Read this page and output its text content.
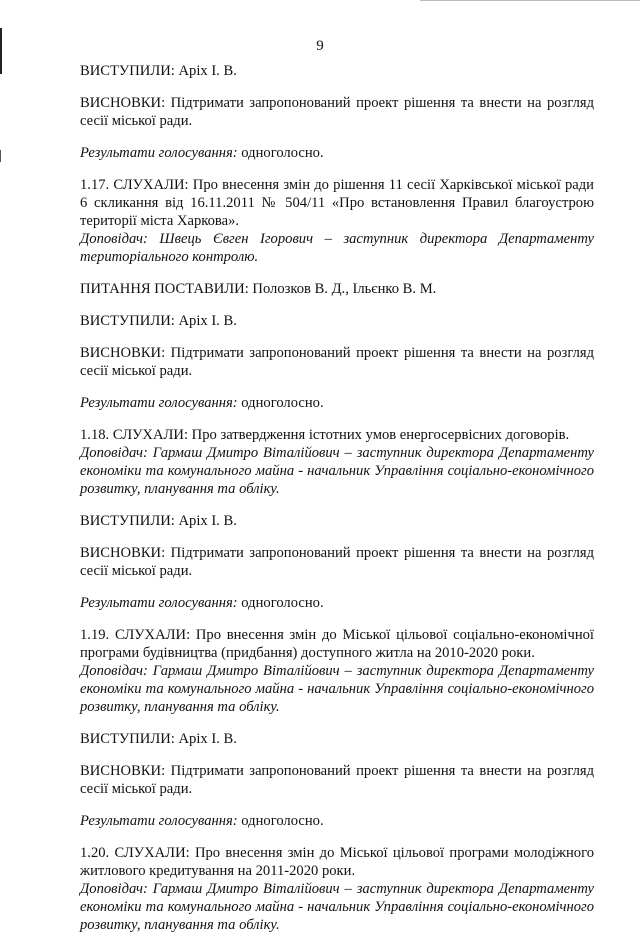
9

ВИСТУПИЛИ: Аріх І. В.

ВИСНОВКИ: Підтримати запропонований проект рішення та внести на розгляд сесії міської ради.

Результати голосування: одноголосно.

1.17. СЛУХАЛИ: Про внесення змін до рішення 11 сесії Харківської міської ради 6 скликання від 16.11.2011 № 504/11 «Про встановлення Правил благоустрою території міста Харкова».

Доповідач: Швець Євген Ігорович – заступник директора Департаменту територіального контролю.

ПИТАННЯ ПОСТАВИЛИ: Полозков В. Д., Ільєнко В. М.

ВИСТУПИЛИ: Аріх І. В.

ВИСНОВКИ: Підтримати запропонований проект рішення та внести на розгляд сесії міської ради.

Результати голосування: одноголосно.

1.18. СЛУХАЛИ: Про затвердження істотних умов енергосервісних договорів.

Доповідач: Гармаш Дмитро Віталійович – заступник директора Департаменту економіки та комунального майна - начальник Управління соціально-економічного розвитку, планування та обліку.

ВИСТУПИЛИ: Аріх І. В.

ВИСНОВКИ: Підтримати запропонований проект рішення та внести на розгляд сесії міської ради.

Результати голосування: одноголосно.

1.19. СЛУХАЛИ: Про внесення змін до Міської цільової соціально-економічної програми будівництва (придбання) доступного житла на 2010-2020 роки.

Доповідач: Гармаш Дмитро Віталійович – заступник директора Департаменту економіки та комунального майна - начальник Управління соціально-економічного розвитку, планування та обліку.

ВИСТУПИЛИ: Аріх І. В.

ВИСНОВКИ: Підтримати запропонований проект рішення та внести на розгляд сесії міської ради.

Результати голосування: одноголосно.

1.20. СЛУХАЛИ: Про внесення змін до Міської цільової програми молодіжного житлового кредитування на 2011-2020 роки.

Доповідач: Гармаш Дмитро Віталійович – заступник директора Департаменту економіки та комунального майна - начальник Управління соціально-економічного розвитку, планування та обліку.
